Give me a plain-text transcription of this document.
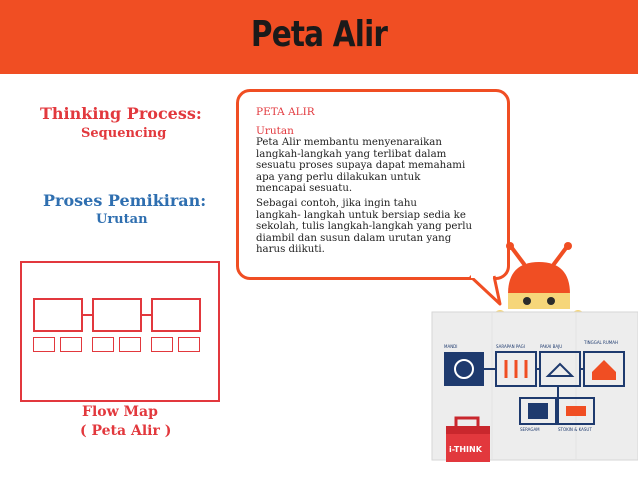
Peta Alir
Thinking Process:
Sequencing
Proses Pemikiran:
Urutan
Flow Map
( Peta Alir )
PETA ALIR
Urutan
Peta Alir membantu menyenaraikan
langkah-langkah yang terlibat dalam
sesuatu proses supaya dapat memahami
apa yang perlu dilakukan untuk
mencapai sesuatu.
Sebagai contoh, jika ingin tahu
langkah- langkah untuk bersiap sedia ke
sekolah, tulis langkah-langkah yang perlu
diambil dan susun dalam urutan yang
harus diikuti.
MANDI	SARAPAN PAGI	PAKAI BAJU
TINGGAL RUMAH
SERAGAM	STOKIN & KASUT
i-THINK
